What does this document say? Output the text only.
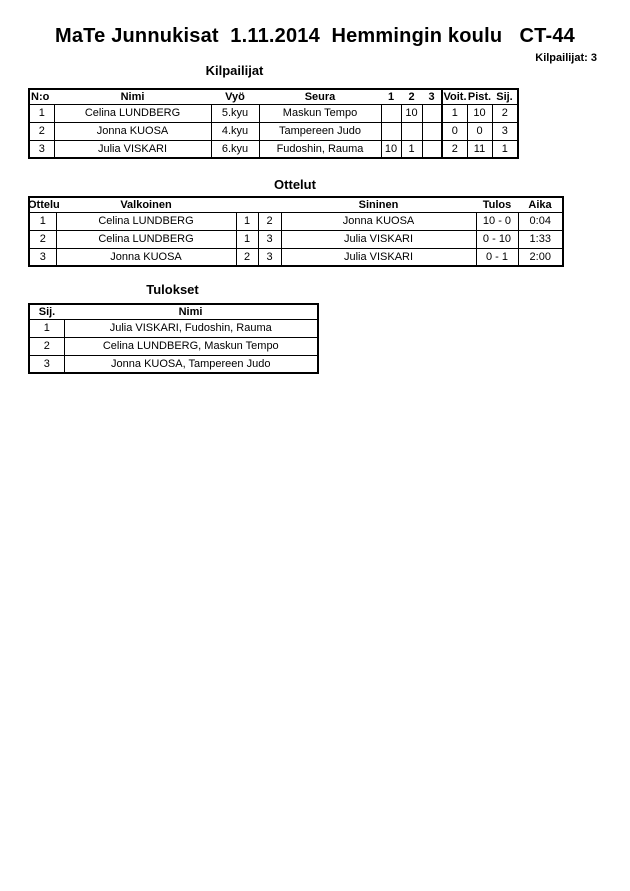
MaTe Junnukisat  1.11.2014  Hemmingin koulu   CT-44
Kilpailijat: 3
Kilpailijat
N:o	Nimi	Vyö	Seura	1	2	3	Voit.	Pist.	Sij.
1	Celina LUNDBERG	5.kyu	Maskun Tempo		10		1	10	2
2	Jonna KUOSA	4.kyu	Tampereen Judo				0	0	3
3	Julia VISKARI	6.kyu	Fudoshin, Rauma	10	1		2	11	1
Ottelut
Ottelu	Valkoinen			Sininen	Tulos	Aika
1	Celina LUNDBERG	1	2	Jonna KUOSA	10 - 0	0:04
2	Celina LUNDBERG	1	3	Julia VISKARI	0 - 10	1:33
3	Jonna KUOSA	2	3	Julia VISKARI	0 - 1	2:00
Tulokset
Sij.	Nimi
1	Julia VISKARI, Fudoshin, Rauma
2	Celina LUNDBERG, Maskun Tempo
3	Jonna KUOSA, Tampereen Judo
